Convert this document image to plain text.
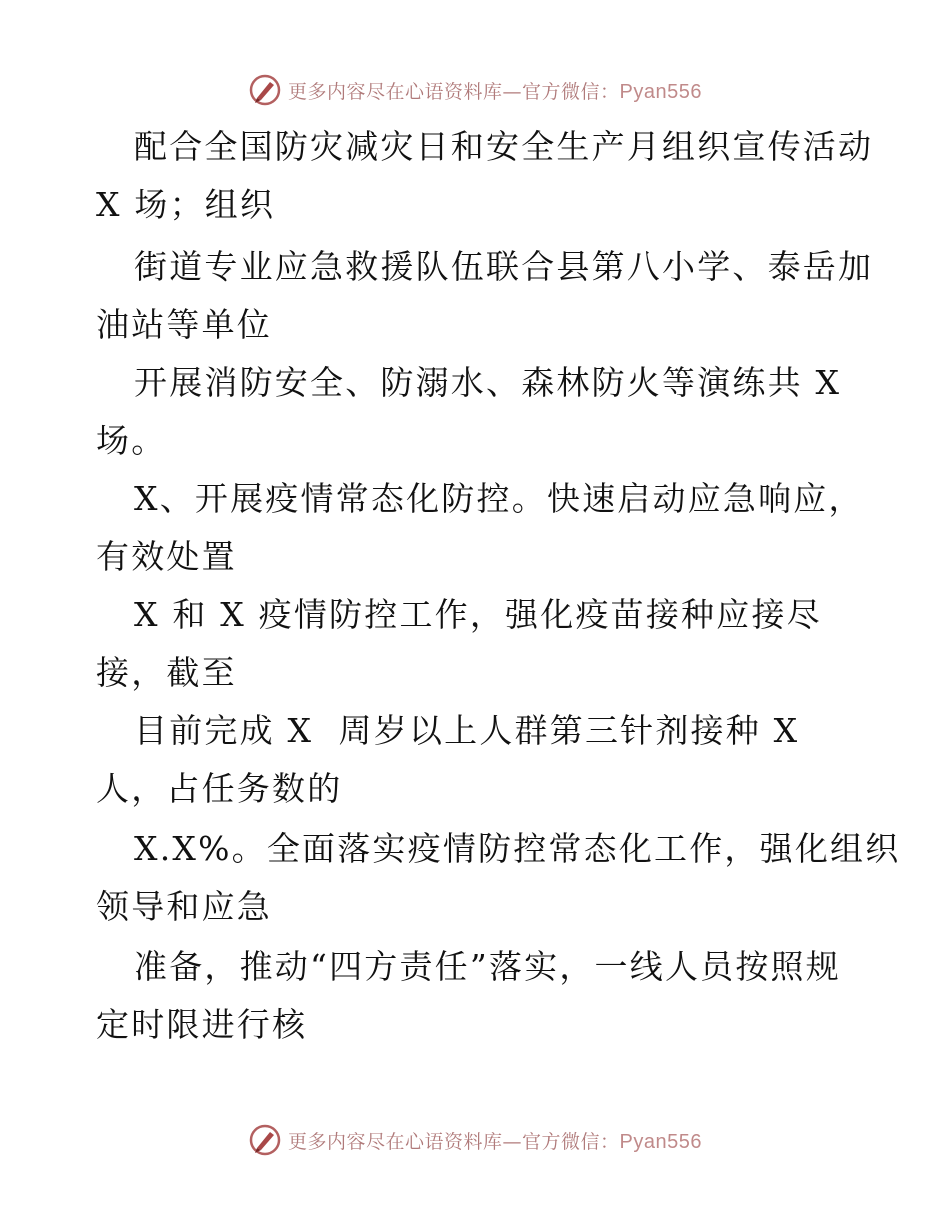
更多内容尽在心语资料库—官方微信：Pyan556
配合全国防灾减灾日和安全生产月组织宣传活动
X 场；组织
街道专业应急救援队伍联合县第八小学、泰岳加
油站等单位
开展消防安全、防溺水、森林防火等演练共 X
场。
X、开展疫情常态化防控。快速启动应急响应，
有效处置
X 和 X 疫情防控工作，强化疫苗接种应接尽
接，截至
目前完成 X  周岁以上人群第三针剂接种 X
人，占任务数的
X.X%。全面落实疫情防控常态化工作，强化组织
领导和应急
准备，推动“四方责任”落实，一线人员按照规
定时限进行核
更多内容尽在心语资料库—官方微信：Pyan556
